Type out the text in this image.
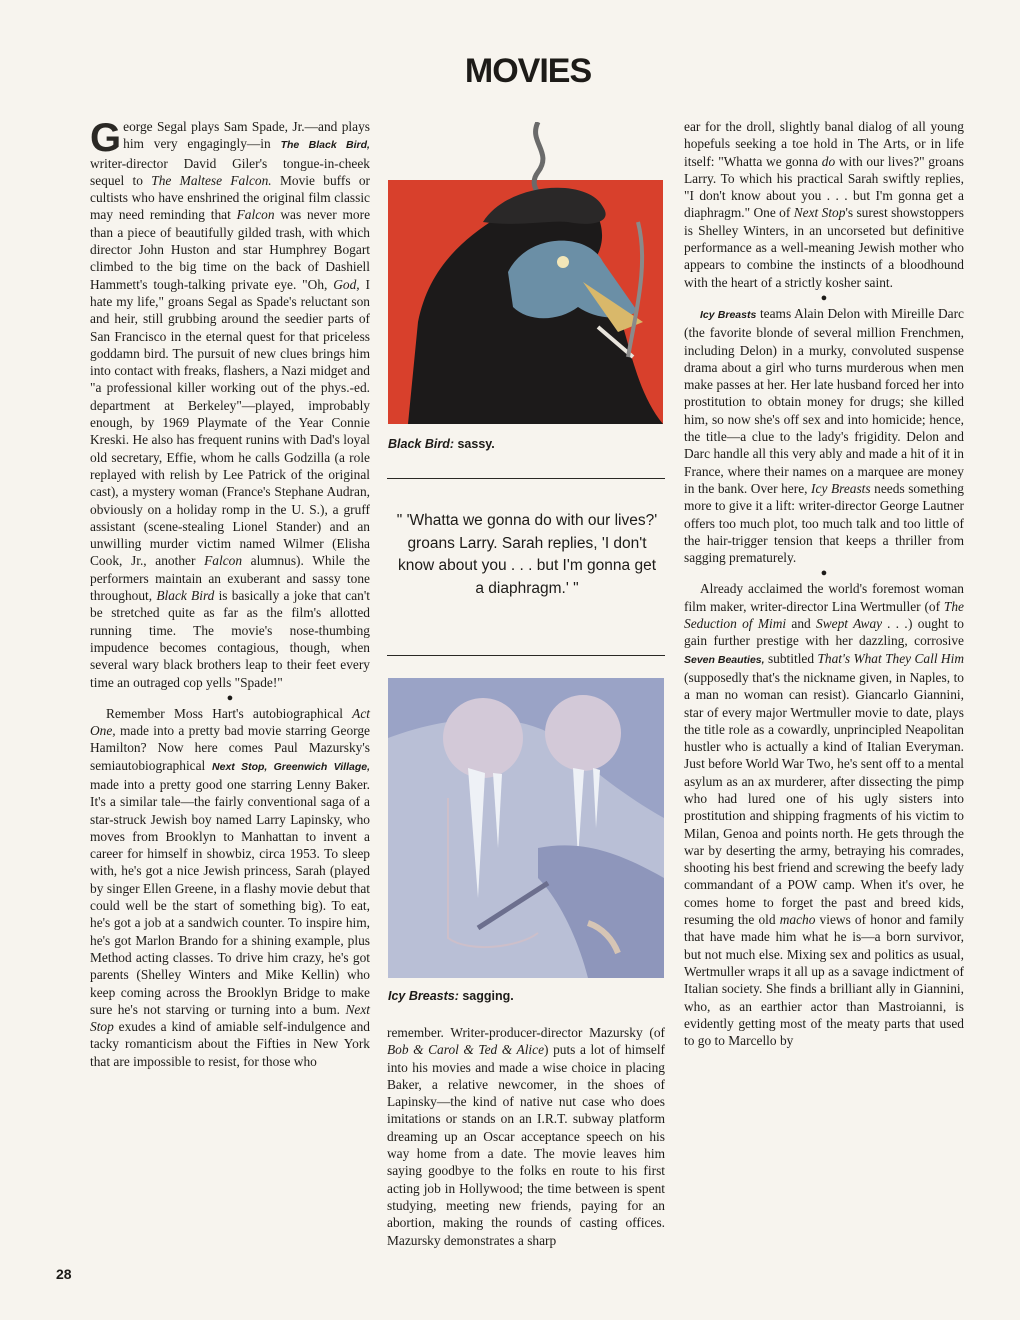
MOVIES

George Segal plays Sam Spade, Jr.—and plays him very engagingly—in The Black Bird, writer-director David Giler's tongue-in-cheek sequel to The Maltese Falcon. Movie buffs or cultists who have enshrined the original film classic may need reminding that Falcon was never more than a piece of beautifully gilded trash, with which director John Huston and star Humphrey Bogart climbed to the big time on the back of Dashiell Hammett's tough-talking private eye. "Oh, God, I hate my life," groans Segal as Spade's reluctant son and heir, still grubbing around the seedier parts of San Francisco in the eternal quest for that priceless goddamn bird. The pursuit of new clues brings him into contact with freaks, flashers, a Nazi midget and "a professional killer working out of the phys.-ed. department at Berkeley"—played, improbably enough, by 1969 Playmate of the Year Connie Kreski. He also has frequent runins with Dad's loyal old secretary, Effie, whom he calls Godzilla (a role replayed with relish by Lee Patrick of the original cast), a mystery woman (France's Stephane Audran, obviously on a holiday romp in the U. S.), a gruff assistant (scene-stealing Lionel Stander) and an unwilling murder victim named Wilmer (Elisha Cook, Jr., another Falcon alumnus). While the performers maintain an exuberant and sassy tone throughout, Black Bird is basically a joke that can't be stretched quite as far as the film's allotted running time. The movie's nose-thumbing impudence becomes contagious, though, when several wary black brothers leap to their feet every time an outraged cop yells "Spade!"

●

Remember Moss Hart's autobiographical Act One, made into a pretty bad movie starring George Hamilton? Now here comes Paul Mazursky's semiautobiographical Next Stop, Greenwich Village, made into a pretty good one starring Lenny Baker. It's a similar tale—the fairly conventional saga of a star-struck Jewish boy named Larry Lapinsky, who moves from Brooklyn to Manhattan to invent a career for himself in showbiz, circa 1953. To sleep with, he's got a nice Jewish princess, Sarah (played by singer Ellen Greene, in a flashy movie debut that could well be the start of something big). To eat, he's got a job at a sandwich counter. To inspire him, he's got Marlon Brando for a shining example, plus Method acting classes. To drive him crazy, he's got parents (Shelley Winters and Mike Kellin) who keep coming across the Brooklyn Bridge to make sure he's not starving or turning into a bum. Next Stop exudes a kind of amiable self-indulgence and tacky romanticism about the Fifties in New York that are impossible to resist, for those who

Black Bird: sassy.
" 'Whatta we gonna do with our lives?' groans Larry. Sarah replies, 'I don't know about you . . . but I'm gonna get a diaphragm.' "
Icy Breasts: sagging.

remember. Writer-producer-director Mazursky (of Bob & Carol & Ted & Alice) puts a lot of himself into his movies and made a wise choice in placing Baker, a relative newcomer, in the shoes of Lapinsky—the kind of native nut case who does imitations or stands on an I.R.T. subway platform dreaming up an Oscar acceptance speech on his way home from a date. The movie leaves him saying goodbye to the folks en route to his first acting job in Hollywood; the time between is spent studying, meeting new friends, paying for an abortion, making the rounds of casting offices. Mazursky demonstrates a sharp

ear for the droll, slightly banal dialog of all young hopefuls seeking a toe hold in The Arts, or in life itself: "Whatta we gonna do with our lives?" groans Larry. To which his practical Sarah swiftly replies, "I don't know about you . . . but I'm gonna get a diaphragm." One of Next Stop's surest showstoppers is Shelley Winters, in an uncorseted but definitive performance as a well-meaning Jewish mother who appears to combine the instincts of a bloodhound with the heart of a strictly kosher saint.

●

Icy Breasts teams Alain Delon with Mireille Darc (the favorite blonde of several million Frenchmen, including Delon) in a murky, convoluted suspense drama about a girl who turns murderous when men make passes at her. Her late husband forced her into prostitution to obtain money for drugs; she killed him, so now she's off sex and into homicide; hence, the title—a clue to the lady's frigidity. Delon and Darc handle all this very ably and made a hit of it in France, where their names on a marquee are money in the bank. Over here, Icy Breasts needs something more to give it a lift: writer-director George Lautner offers too much plot, too much talk and too little of the hair-trigger tension that keeps a thriller from sagging prematurely.

●

Already acclaimed the world's foremost woman film maker, writer-director Lina Wertmuller (of The Seduction of Mimi and Swept Away . . .) ought to gain further prestige with her dazzling, corrosive Seven Beauties, subtitled That's What They Call Him (supposedly that's the nickname given, in Naples, to a man no woman can resist). Giancarlo Giannini, star of every major Wertmuller movie to date, plays the title role as a cowardly, unprincipled Neapolitan hustler who is actually a kind of Italian Everyman. Just before World War Two, he's sent off to a mental asylum as an ax murderer, after dissecting the pimp who had lured one of his ugly sisters into prostitution and shipping fragments of his victim to Milan, Genoa and points north. He gets through the war by deserting the army, betraying his comrades, shooting his best friend and screwing the beefy lady commandant of a POW camp. When it's over, he comes home to forget the past and breed kids, resuming the old macho views of honor and family that have made him what he is—a born survivor, but not much else. Mixing sex and politics as usual, Wertmuller wraps it all up as a savage indictment of Italian society. She finds a brilliant ally in Giannini, who, as an earthier actor than Mastroianni, is evidently getting most of the meaty parts that used to go to Marcello by

28
